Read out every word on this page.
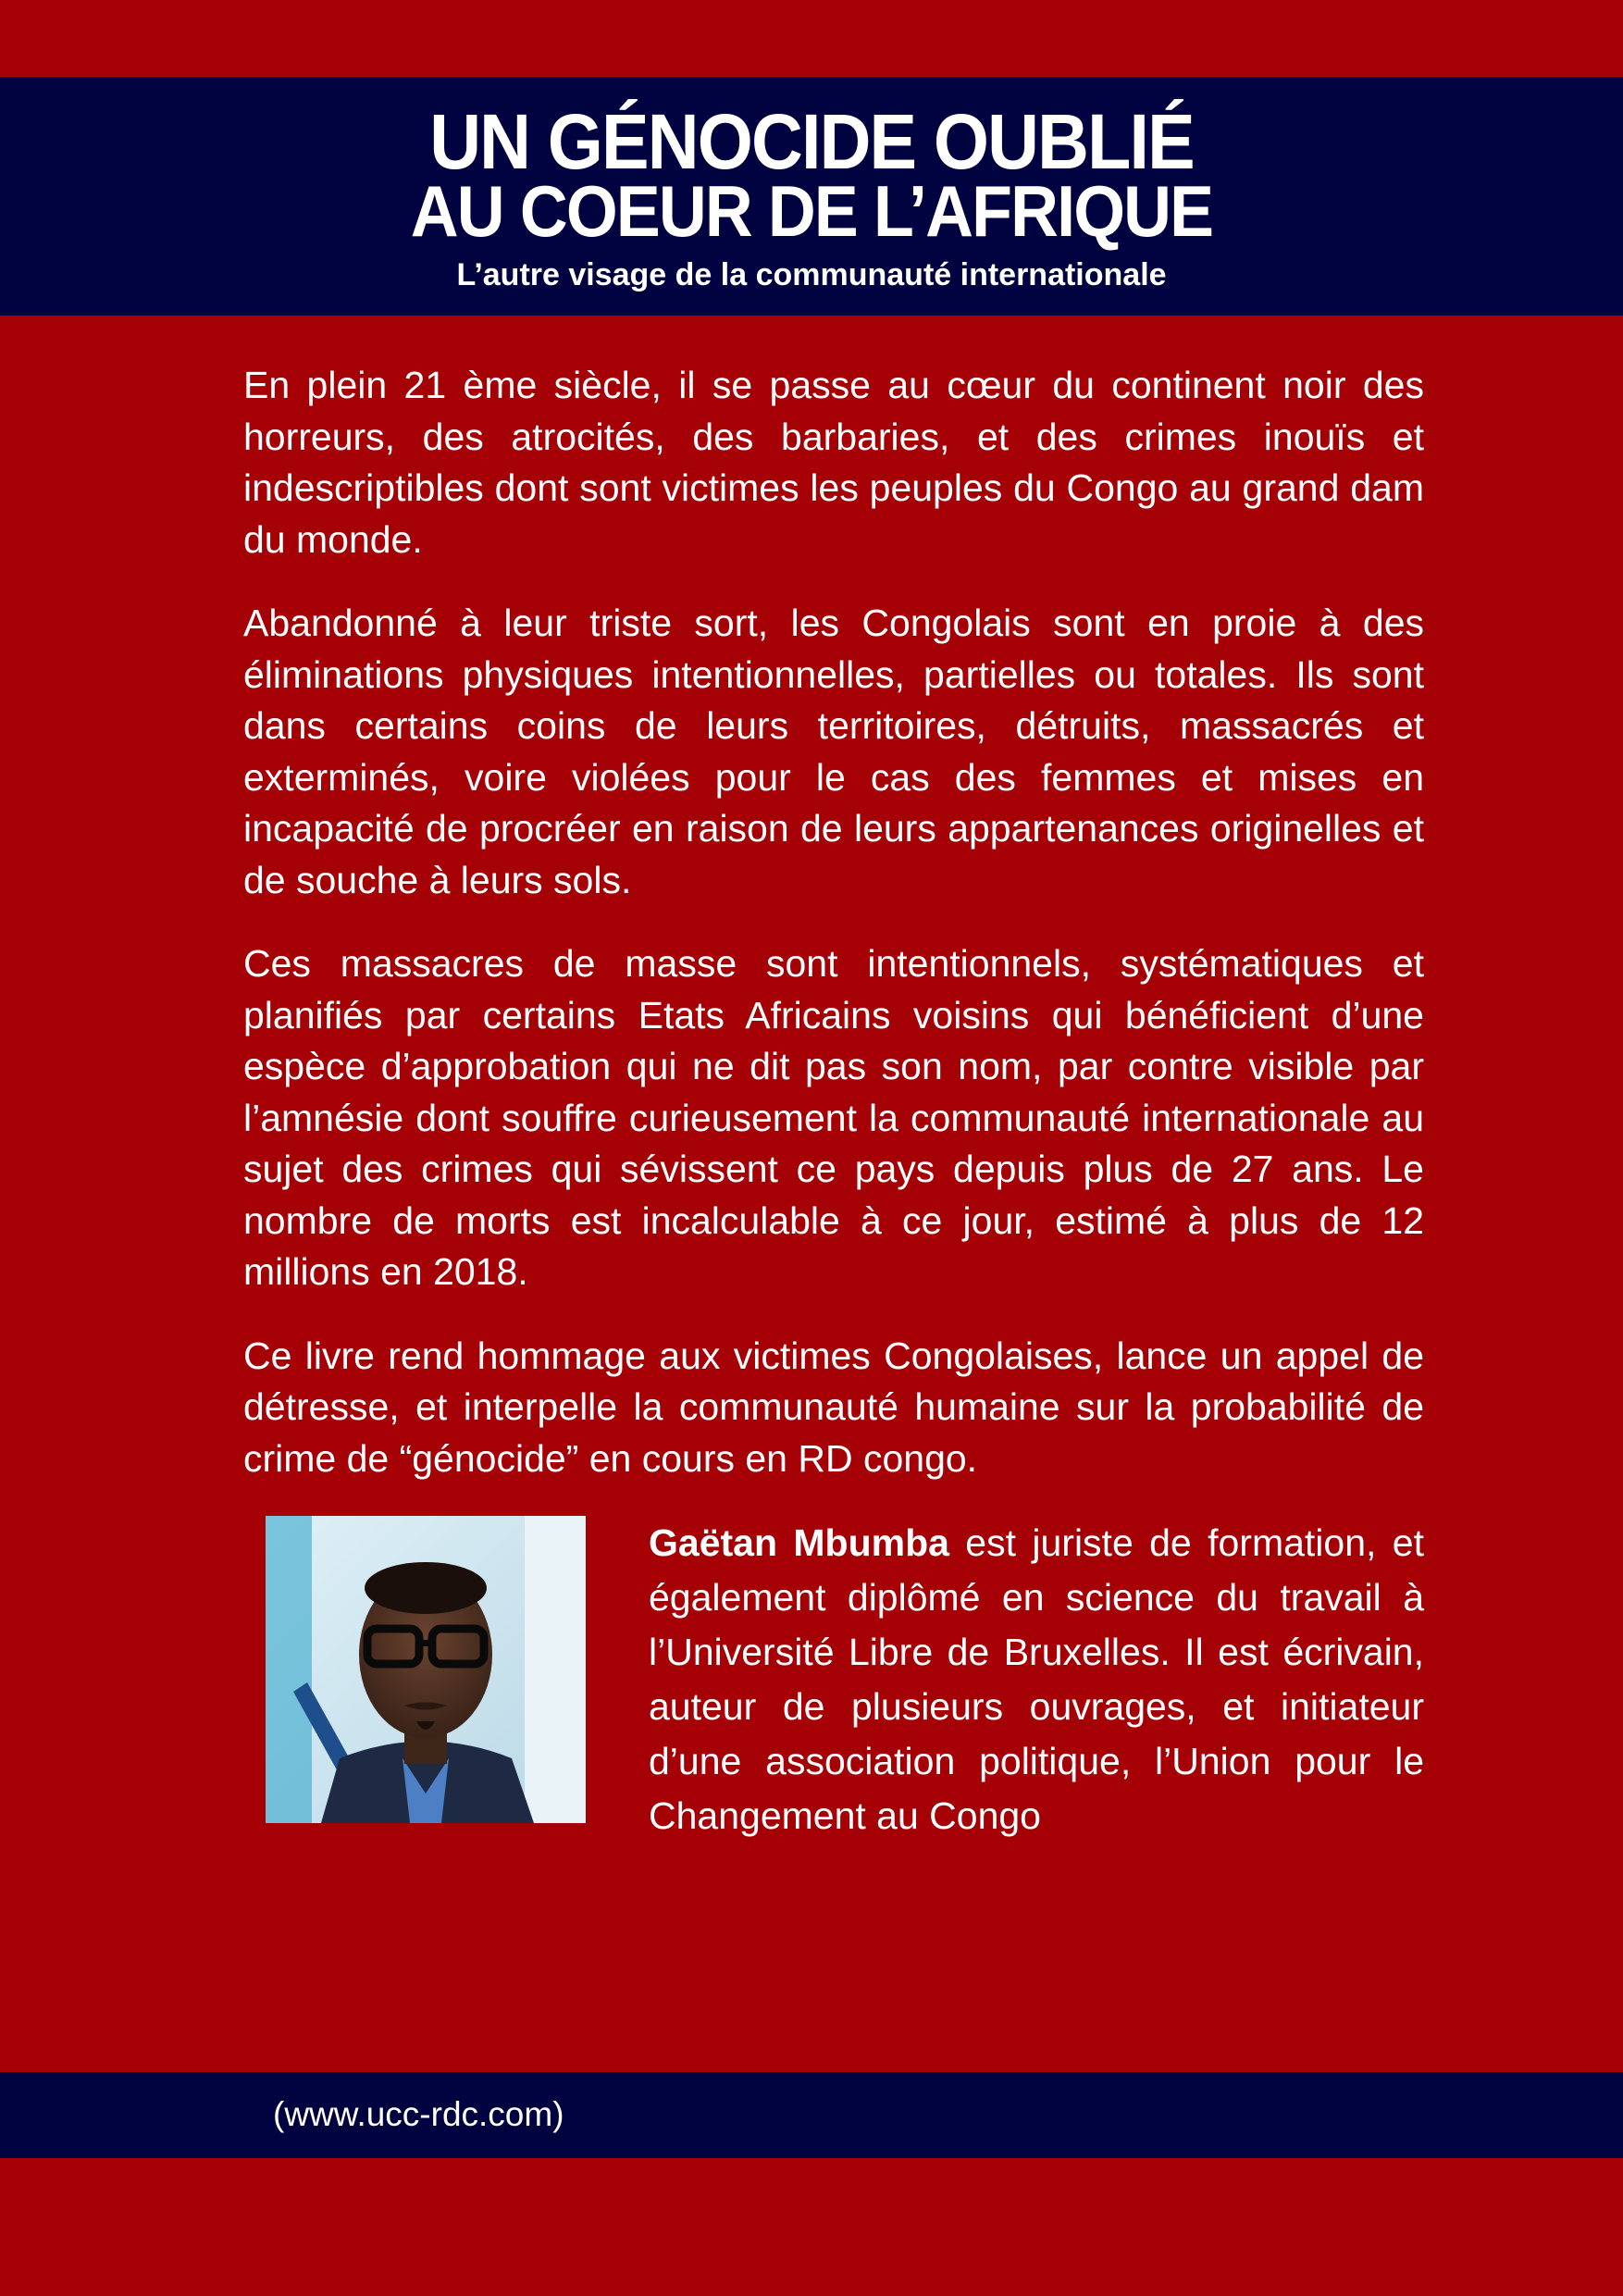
UN GÉNOCIDE OUBLIÉ
AU COEUR DE L’AFRIQUE
L’autre visage de la communauté internationale

En plein 21 ème siècle, il se passe au cœur du continent noir des horreurs, des atrocités, des barbaries, et des crimes inouïs et indescriptibles dont sont victimes les peuples du Congo au grand dam du monde.

Abandonné à leur triste sort, les Congolais sont en proie à des éliminations physiques intentionnelles, partielles ou totales. Ils sont dans certains coins de leurs territoires, détruits, massacrés et exterminés, voire violées pour le cas des femmes et mises en incapacité de procréer en raison de leurs appartenances originelles et de souche à leurs sols.

Ces massacres de masse sont intentionnels, systématiques et planifiés par certains Etats Africains voisins qui bénéficient d’une espèce d’approbation qui ne dit pas son nom, par contre visible par l’amnésie dont souffre curieusement la communauté internationale au sujet des crimes qui sévissent ce pays depuis plus de 27 ans. Le nombre de morts est incalculable à ce jour, estimé à plus de 12 millions en 2018.

Ce livre rend hommage aux victimes Congolaises, lance un appel de détresse, et interpelle la communauté humaine sur la probabilité de crime de “génocide” en cours en RD congo.

Gaëtan Mbumba est juriste de formation, et également diplômé en science du travail à l’Université Libre de Bruxelles. Il est écrivain, auteur de plusieurs ouvrages, et initiateur d’une association politique, l’Union pour le Changement au Congo
(www.ucc-rdc.com)
